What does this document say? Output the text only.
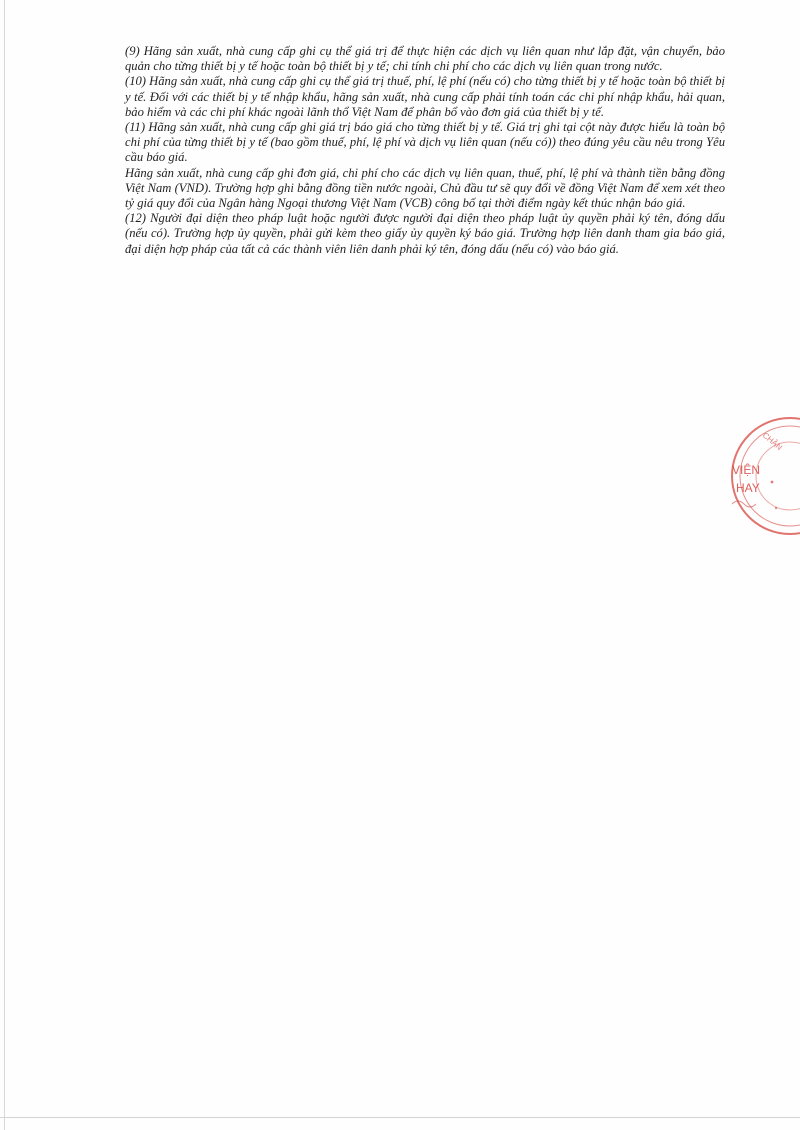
(9) Hãng sản xuất, nhà cung cấp ghi cụ thể giá trị để thực hiện các dịch vụ liên quan như lắp đặt, vận chuyển, bảo quản cho từng thiết bị y tế hoặc toàn bộ thiết bị y tế; chi tính chi phí cho các dịch vụ liên quan trong nước.

(10) Hãng sản xuất, nhà cung cấp ghi cụ thể giá trị thuế, phí, lệ phí (nếu có) cho từng thiết bị y tế hoặc toàn bộ thiết bị y tế. Đối với các thiết bị y tế nhập khẩu, hãng sản xuất, nhà cung cấp phải tính toán các chi phí nhập khẩu, hải quan, bảo hiểm và các chi phí khác ngoài lãnh thổ Việt Nam để phân bổ vào đơn giá của thiết bị y tế.

(11) Hãng sản xuất, nhà cung cấp ghi giá trị báo giá cho từng thiết bị y tế. Giá trị ghi tại cột này được hiểu là toàn bộ chi phí của từng thiết bị y tế (bao gồm thuế, phí, lệ phí và dịch vụ liên quan (nếu có)) theo đúng yêu cầu nêu trong Yêu cầu báo giá.

Hãng sản xuất, nhà cung cấp ghi đơn giá, chi phí cho các dịch vụ liên quan, thuế, phí, lệ phí và thành tiền bằng đồng Việt Nam (VND). Trường hợp ghi bằng đồng tiền nước ngoài, Chủ đầu tư sẽ quy đổi về đồng Việt Nam để xem xét theo tỷ giá quy đổi của Ngân hàng Ngoại thương Việt Nam (VCB) công bố tại thời điểm ngày kết thúc nhận báo giá.

(12) Người đại diện theo pháp luật hoặc người được người đại diện theo pháp luật ủy quyền phải ký tên, đóng dấu (nếu có). Trường hợp ủy quyền, phải gửi kèm theo giấy ủy quyền ký báo giá. Trường hợp liên danh tham gia báo giá, đại diện hợp pháp của tất cả các thành viên liên danh phải ký tên, đóng dấu (nếu có) vào báo giá.

CHÂN
VIỆN
HAY
